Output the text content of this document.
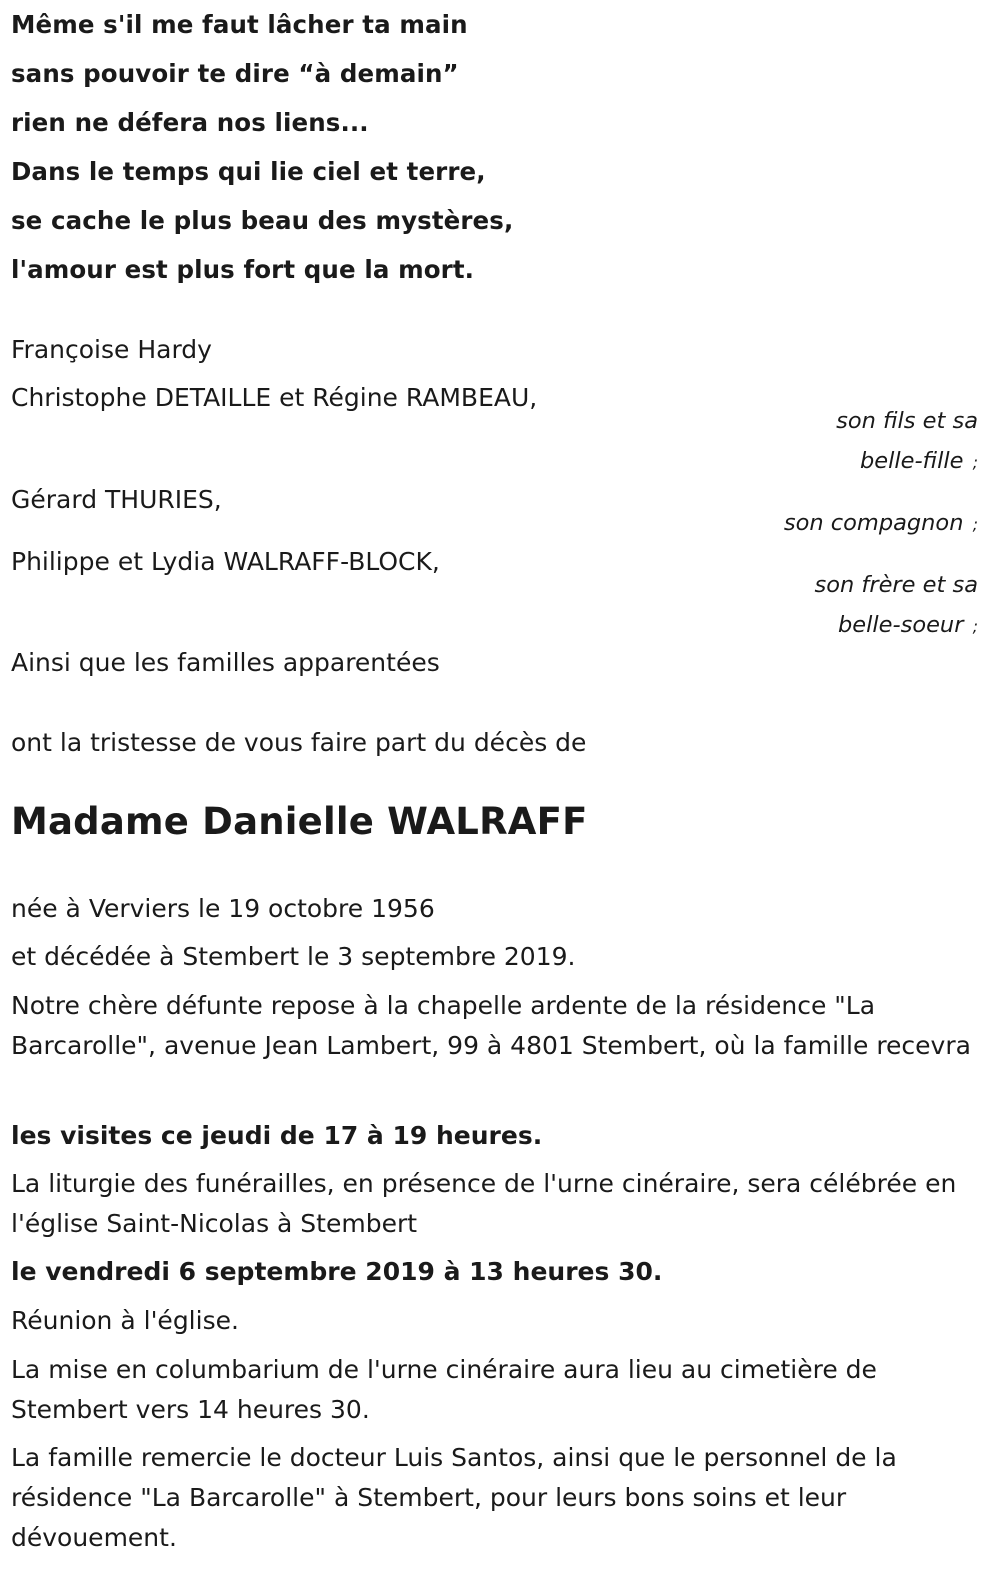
Même s'il me faut lâcher ta main

sans pouvoir te dire “à demain”

rien ne défera nos liens...

Dans le temps qui lie ciel et terre,

se cache le plus beau des mystères,

l'amour est plus fort que la mort.

Françoise Hardy

Christophe DETAILLE et Régine RAMBEAU,

son fils et sa

belle-fille ;

Gérard THURIES,

son compagnon ;

Philippe et Lydia WALRAFF-BLOCK,

son frère et sa

belle-soeur ;

Ainsi que les familles apparentées

ont la tristesse de vous faire part du décès de

Madame Danielle WALRAFF

née à Verviers le 19 octobre 1956

et décédée à Stembert le 3 septembre 2019.

Notre chère défunte repose à la chapelle ardente de la résidence "La Barcarolle", avenue Jean Lambert, 99 à 4801 Stembert, où la famille recevra

les visites ce jeudi de 17 à 19 heures.

La liturgie des funérailles, en présence de l'urne cinéraire, sera célébrée en l'église Saint-Nicolas à Stembert

le vendredi 6 septembre 2019 à 13 heures 30.

Réunion à l'église.

La mise en columbarium de l'urne cinéraire aura lieu au cimetière de Stembert vers 14 heures 30.

La famille remercie le docteur Luis Santos, ainsi que le personnel de la résidence "La Barcarolle" à Stembert, pour leurs bons soins et leur dévouement.
